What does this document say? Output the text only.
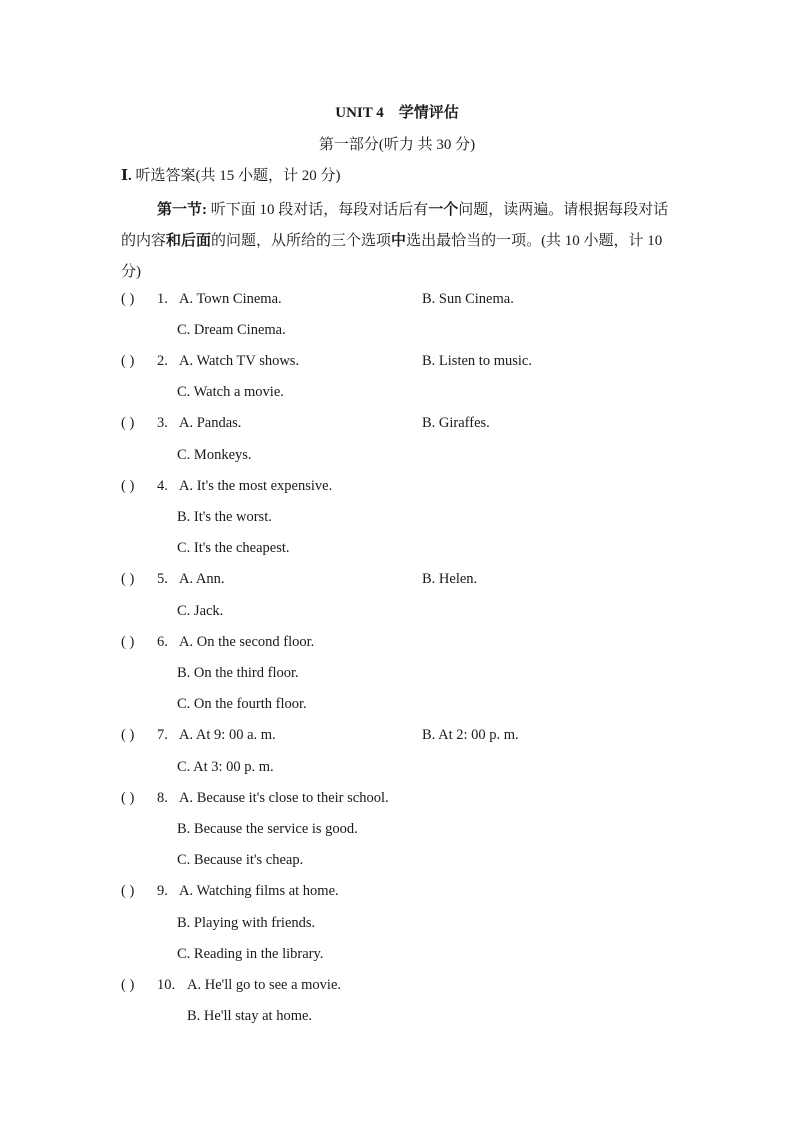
UNIT 4　学情评估
第一部分(听力 共 30 分)
Ⅰ. 听选答案(共 15 小题，计 20 分)
第一节: 听下面 10 段对话，每段对话后有一个问题，读两遍。请根据每段对话的内容和后面的问题，从所给的三个选项中选出最恰当的一项。(共 10 小题，计 10 分)
( ) 1. A. Town Cinema.	B. Sun Cinema.
C. Dream Cinema.
( ) 2. A. Watch TV shows.	B. Listen to music.
C. Watch a movie.
( ) 3. A. Pandas.	B. Giraffes.
C. Monkeys.
( ) 4. A. It's the most expensive.
B. It's the worst.
C. It's the cheapest.
( ) 5. A. Ann.	B. Helen.
C. Jack.
( ) 6. A. On the second floor.
B. On the third floor.
C. On the fourth floor.
( ) 7. A. At 9: 00 a. m.	B. At 2: 00 p. m.
C. At 3: 00 p. m.
( ) 8. A. Because it's close to their school.
B. Because the service is good.
C. Because it's cheap.
( ) 9. A. Watching films at home.
B. Playing with friends.
C. Reading in the library.
( ) 10. A. He'll go to see a movie.
B. He'll stay at home.
